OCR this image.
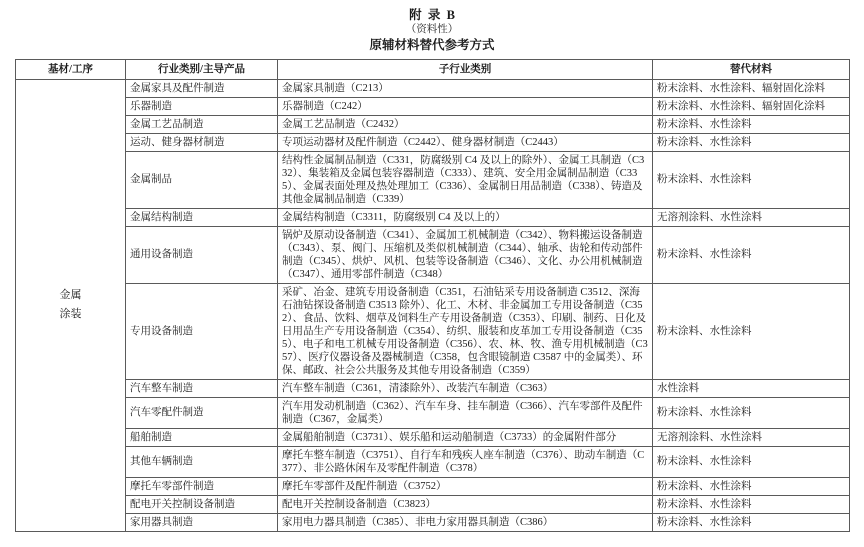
附  录  B
（资料性）
原辅材料替代参考方式
基材/工序	行业类别/主导产品	子行业类别	替代材料
金属涂装	金属家具及配件制造	金属家具制造（C213）	粉末涂料、水性涂料、辐射固化涂料
	乐器制造	乐器制造（C242）	粉末涂料、水性涂料、辐射固化涂料
	金属工艺品制造	金属工艺品制造（C2432）	粉末涂料、水性涂料
	运动、健身器材制造	专项运动器材及配件制造（C2442）、健身器材制造（C2443）	粉末涂料、水性涂料
	金属制品	结构性金属制品制造（C331，防腐级别 C4 及以上的除外）、金属工具制造（C332）、集装箱及金属包装容器制造（C333）、建筑、安全用金属制品制造（C335）、金属表面处理及热处理加工（C336）、金属制日用品制造（C338）、铸造及其他金属制品制造（C339）	粉末涂料、水性涂料
	金属结构制造	金属结构制造（C3311，防腐级别 C4 及以上的）	无溶剂涂料、水性涂料
	通用设备制造	锅炉及原动设备制造（C341）、金属加工机械制造（C342）、物料搬运设备制造（C343）、泵、阀门、压缩机及类似机械制造（C344）、轴承、齿轮和传动部件制造（C345）、烘炉、风机、包装等设备制造（C346）、文化、办公用机械制造（C347）、通用零部件制造（C348）	粉末涂料、水性涂料
	专用设备制造	采矿、冶金、建筑专用设备制造（C351，石油钻采专用设备制造 C3512、深海石油钻探设备制造 C3513 除外）、化工、木材、非金属加工专用设备制造（C352）、食品、饮料、烟草及饲料生产专用设备制造（C353）、印刷、制药、日化及日用品生产专用设备制造（C354）、纺织、服装和皮革加工专用设备制造（C355）、电子和电工机械专用设备制造（C356）、农、林、牧、渔专用机械制造（C357）、医疗仪器设备及器械制造（C358，包含眼镜制造 C3587 中的金属类）、环保、邮政、社会公共服务及其他专用设备制造（C359）	粉末涂料、水性涂料
	汽车整车制造	汽车整车制造（C361，清漆除外）、改装汽车制造（C363）	水性涂料
	汽车零配件制造	汽车用发动机制造（C362）、汽车车身、挂车制造（C366）、汽车零部件及配件制造（C367，金属类）	粉末涂料、水性涂料
	船舶制造	金属船舶制造（C3731）、娱乐船和运动船制造（C3733）的金属附件部分	无溶剂涂料、水性涂料
	其他车辆制造	摩托车整车制造（C3751）、自行车和残疾人座车制造（C376）、助动车制造（C377）、非公路休闲车及零配件制造（C378）	粉末涂料、水性涂料
	摩托车零部件制造	摩托车零部件及配件制造（C3752）	粉末涂料、水性涂料
	配电开关控制设备制造	配电开关控制设备制造（C3823）	粉末涂料、水性涂料
	家用器具制造	家用电力器具制造（C385）、非电力家用器具制造（C386）	粉末涂料、水性涂料
